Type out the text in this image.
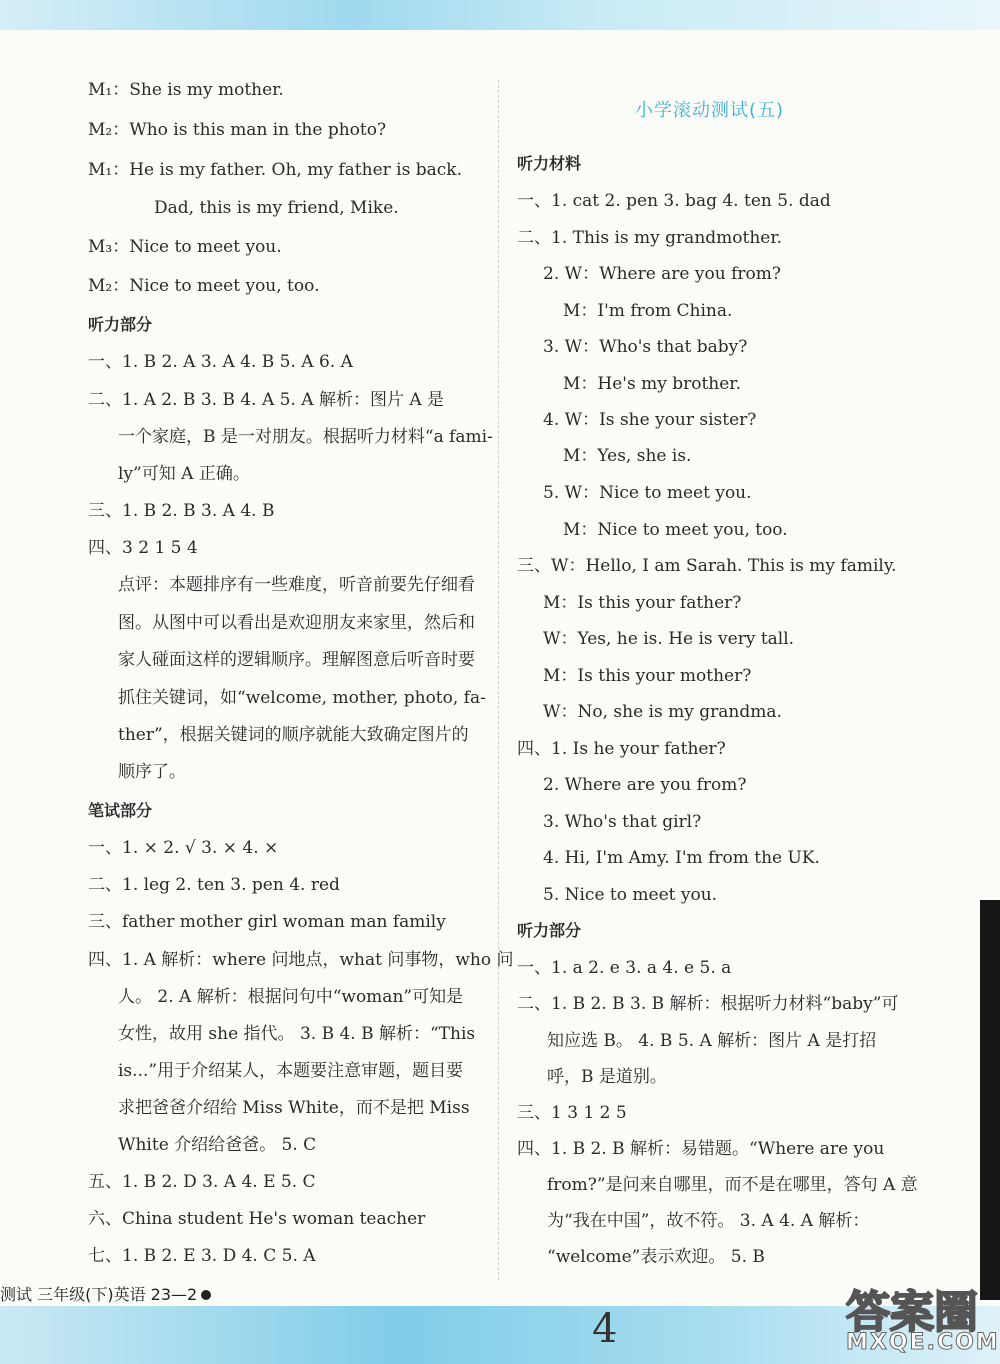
小学滚动测试(五)
M₁：She is my mother.
M₂：Who is this man in the photo?
M₁：He is my father. Oh, my father is back.
Dad, this is my friend, Mike.
M₃：Nice to meet you.
M₂：Nice to meet you, too.
听力部分
一、1. B 2. A 3. A 4. B 5. A 6. A
二、1. A 2. B 3. B 4. A 5. A 解析：图片 A 是
一个家庭，B 是一对朋友。根据听力材料“a fami-
ly”可知 A 正确。
三、1. B 2. B 3. A 4. B
四、3 2 1 5 4
点评：本题排序有一些难度，听音前要先仔细看
图。从图中可以看出是欢迎朋友来家里，然后和
家人碰面这样的逻辑顺序。理解图意后听音时要
抓住关键词，如“welcome, mother, photo, fa-
ther”，根据关键词的顺序就能大致确定图片的
顺序了。
笔试部分
一、1. × 2. √ 3. × 4. ×
二、1. leg 2. ten 3. pen 4. red
三、father mother girl woman man family
四、1. A 解析：where 问地点，what 问事物，who 问
人。 2. A 解析：根据问句中“woman”可知是
女性，故用 she 指代。 3. B 4. B 解析：“This
is...”用于介绍某人，本题要注意审题，题目要
求把爸爸介绍给 Miss White，而不是把 Miss
White 介绍给爸爸。 5. C
五、1. B 2. D 3. A 4. E 5. C
六、China student He's woman teacher
七、1. B 2. E 3. D 4. C 5. A
听力材料
一、1. cat 2. pen 3. bag 4. ten 5. dad
二、1. This is my grandmother.
2. W：Where are you from?
M：I'm from China.
3. W：Who's that baby?
M：He's my brother.
4. W：Is she your sister?
M：Yes, she is.
5. W：Nice to meet you.
M：Nice to meet you, too.
三、W：Hello, I am Sarah. This is my family.
M：Is this your father?
W：Yes, he is. He is very tall.
M：Is this your mother?
W：No, she is my grandma.
四、1. Is he your father?
2. Where are you from?
3. Who's that girl?
4. Hi, I'm Amy. I'm from the UK.
5. Nice to meet you.
听力部分
一、1. a 2. e 3. a 4. e 5. a
二、1. B 2. B 3. B 解析：根据听力材料“baby”可
知应选 B。 4. B 5. A 解析：图片 A 是打招
呼，B 是道别。
三、1 3 1 2 5
四、1. B 2. B 解析：易错题。“Where are you
from?”是问来自哪里，而不是在哪里，答句 A 意
为“我在中国”，故不符。 3. A 4. A 解析：
“welcome”表示欢迎。 5. B
测试 三年级(下)英语 23—2
4	答案圈
MXQE.COM
